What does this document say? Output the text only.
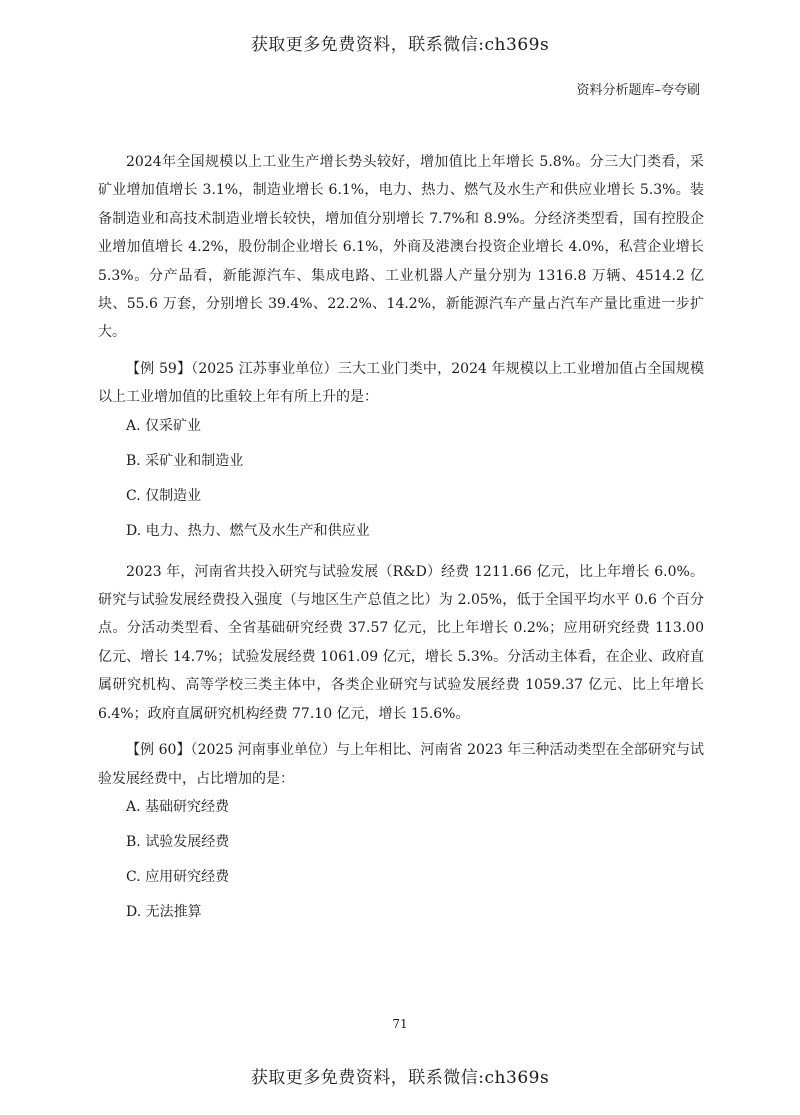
获取更多免费资料，联系微信:ch369s
资料分析题库–夸夸刷

2024年全国规模以上工业生产增长势头较好，增加值比上年增长 5.8%。分三大门类看，采矿业增加值增长 3.1%，制造业增长 6.1%，电力、热力、燃气及水生产和供应业增长 5.3%。装备制造业和高技术制造业增长较快，增加值分别增长 7.7%和 8.9%。分经济类型看，国有控股企业增加值增长 4.2%，股份制企业增长 6.1%，外商及港澳台投资企业增长 4.0%，私营企业增长 5.3%。分产品看，新能源汽车、集成电路、工业机器人产量分别为 1316.8 万辆、4514.2 亿块、55.6 万套，分别增长 39.4%、22.2%、14.2%，新能源汽车产量占汽车产量比重进一步扩大。

【例 59】（2025 江苏事业单位）三大工业门类中，2024 年规模以上工业增加值占全国规模以上工业增加值的比重较上年有所上升的是：

A. 仅采矿业
B. 采矿业和制造业
C. 仅制造业
D. 电力、热力、燃气及水生产和供应业

2023 年，河南省共投入研究与试验发展（R&D）经费 1211.66 亿元，比上年增长 6.0%。研究与试验发展经费投入强度（与地区生产总值之比）为 2.05%，低于全国平均水平 0.6 个百分点。分活动类型看、全省基础研究经费 37.57 亿元，比上年增长 0.2%；应用研究经费 113.00 亿元、增长 14.7%；试验发展经费 1061.09 亿元，增长 5.3%。分活动主体看，在企业、政府直属研究机构、高等学校三类主体中，各类企业研究与试验发展经费 1059.37 亿元、比上年增长 6.4%；政府直属研究机构经费 77.10 亿元，增长 15.6%。

【例 60】（2025 河南事业单位）与上年相比、河南省 2023 年三种活动类型在全部研究与试验发展经费中，占比增加的是：

A. 基础研究经费
B. 试验发展经费
C. 应用研究经费
D. 无法推算
71
获取更多免费资料，联系微信:ch369s
